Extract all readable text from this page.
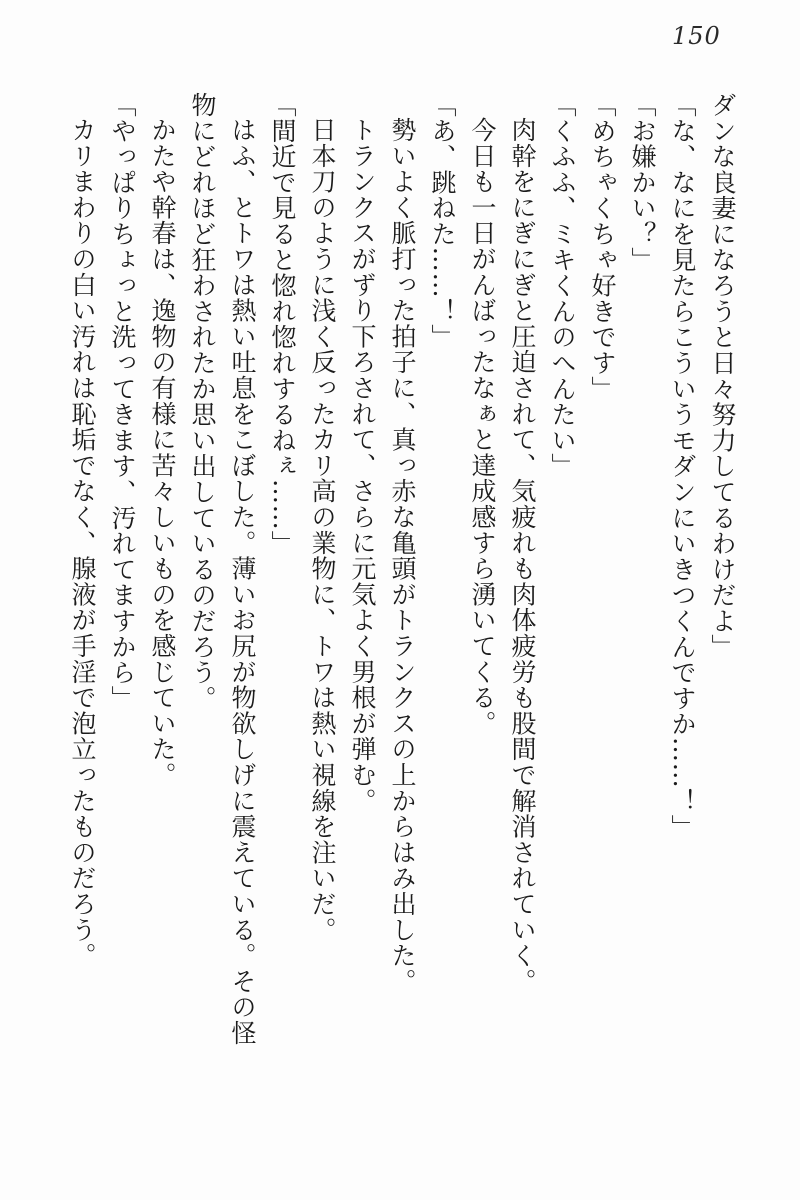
150

ダンな良妻になろうと日々努力してるわけだよ」

「な、なにを見たらこういうモダンにいきつくんですか……！」

「お嫌かい？」

「めちゃくちゃ好きです」

「くふふ、ミキくんのへんたい」

肉幹をにぎにぎと圧迫されて、気疲れも肉体疲労も股間で解消されていく。

今日も一日がんばったなぁと達成感すら湧いてくる。

「あ、跳ねた……！」

勢いよく脈打った拍子に、真っ赤な亀頭がトランクスの上からはみ出した。

トランクスがずり下ろされて、さらに元気よく男根が弾む。

日本刀のように浅く反ったカリ高の業物に、トワは熱い視線を注いだ。

「間近で見ると惚れ惚れするねぇ……」

はふ、とトワは熱い吐息をこぼした。薄いお尻が物欲しげに震えている。その怪物にどれほど狂わされたか思い出しているのだろう。

かたや幹春は、逸物の有様に苦々しいものを感じていた。

「やっぱりちょっと洗ってきます、汚れてますから」

カリまわりの白い汚れは恥垢でなく、腺液が手淫で泡立ったものだろう。
